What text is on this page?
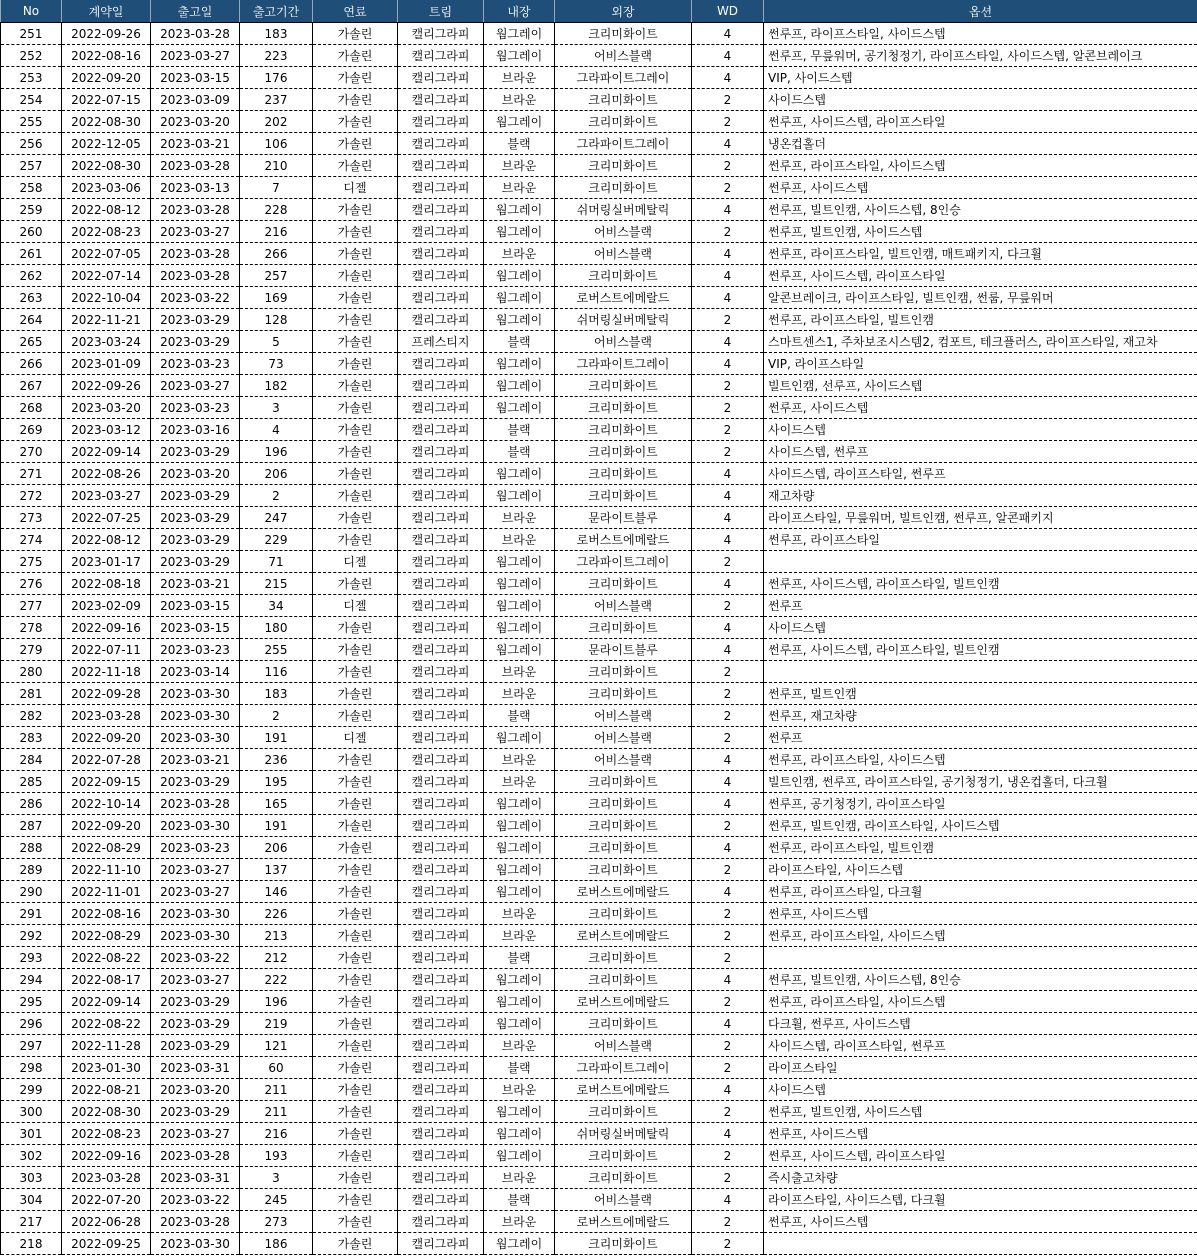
No	계약일	출고일	출고기간	연료	트림	내장	외장	WD	옵션
251	2022-09-26	2023-03-28	183	가솔린	캘리그라피	웜그레이	크리미화이트	4	썬루프, 라이프스타일, 사이드스텝
252	2022-08-16	2023-03-27	223	가솔린	캘리그라피	웜그레이	어비스블랙	4	썬루프, 무릎워머, 공기청정기, 라이프스타일, 사이드스텝, 알콘브레이크
253	2022-09-20	2023-03-15	176	가솔린	캘리그라피	브라운	그라파이트그레이	4	VIP, 사이드스텝
254	2022-07-15	2023-03-09	237	가솔린	캘리그라피	브라운	크리미화이트	2	사이드스텝
255	2022-08-30	2023-03-20	202	가솔린	캘리그라피	웜그레이	크리미화이트	2	썬루프, 사이드스텝, 라이프스타일
256	2022-12-05	2023-03-21	106	가솔린	캘리그라피	블랙	그라파이트그레이	4	냉온컵홀더
257	2022-08-30	2023-03-28	210	가솔린	캘리그라피	브라운	크리미화이트	2	썬루프, 라이프스타일, 사이드스텝
258	2023-03-06	2023-03-13	7	디젤	캘리그라피	브라운	크리미화이트	2	썬루프, 사이드스텝
259	2022-08-12	2023-03-28	228	가솔린	캘리그라피	웜그레이	쉬머링실버메탈릭	4	썬루프, 빌트인캠, 사이드스텝, 8인승
260	2022-08-23	2023-03-27	216	가솔린	캘리그라피	웜그레이	어비스블랙	2	썬루프, 빌트인캠, 사이드스텝
261	2022-07-05	2023-03-28	266	가솔린	캘리그라피	브라운	어비스블랙	4	썬루프, 라이프스타일, 빌트인캠, 매트패키지, 다크휠
262	2022-07-14	2023-03-28	257	가솔린	캘리그라피	웜그레이	크리미화이트	4	썬루프, 사이드스텝, 라이프스타일
263	2022-10-04	2023-03-22	169	가솔린	캘리그라피	웜그레이	로버스트에메랄드	4	알콘브레이크, 라이프스타일, 빌트인캠, 썬룹, 무릎워머
264	2022-11-21	2023-03-29	128	가솔린	캘리그라피	웜그레이	쉬머링실버메탈릭	2	썬루프, 라이프스타일, 빌트인캠
265	2023-03-24	2023-03-29	5	가솔린	프레스티지	블랙	어비스블랙	4	스마트센스1, 주차보조시스템2, 컴포트, 테크플러스, 라이프스타일, 재고차
266	2023-01-09	2023-03-23	73	가솔린	캘리그라피	웜그레이	그라파이트그레이	4	VIP, 라이프스타일
267	2022-09-26	2023-03-27	182	가솔린	캘리그라피	웜그레이	크리미화이트	2	빌트인캠, 선루프, 사이드스텝
268	2023-03-20	2023-03-23	3	가솔린	캘리그라피	웜그레이	크리미화이트	2	썬루프, 사이드스텝
269	2023-03-12	2023-03-16	4	가솔린	캘리그라피	블랙	크리미화이트	2	사이드스텝
270	2022-09-14	2023-03-29	196	가솔린	캘리그라피	블랙	크리미화이트	2	사이드스텝, 썬루프
271	2022-08-26	2023-03-20	206	가솔린	캘리그라피	웜그레이	크리미화이트	4	사이드스텝, 라이프스타일, 썬루프
272	2023-03-27	2023-03-29	2	가솔린	캘리그라피	웜그레이	크리미화이트	4	재고차량
273	2022-07-25	2023-03-29	247	가솔린	캘리그라피	브라운	문라이트블루	4	라이프스타일, 무릎워머, 빌트인캠, 썬루프, 알콘패키지
274	2022-08-12	2023-03-29	229	가솔린	캘리그라피	브라운	로버스트에메랄드	4	썬루프, 라이프스타일
275	2023-01-17	2023-03-29	71	디젤	캘리그라피	웜그레이	그라파이트그레이	2	
276	2022-08-18	2023-03-21	215	가솔린	캘리그라피	웜그레이	크리미화이트	4	썬루프, 사이드스텝, 라이프스타일, 빌트인캠
277	2023-02-09	2023-03-15	34	디젤	캘리그라피	웜그레이	어비스블랙	2	썬루프
278	2022-09-16	2023-03-15	180	가솔린	캘리그라피	웜그레이	크리미화이트	4	사이드스텝
279	2022-07-11	2023-03-23	255	가솔린	캘리그라피	웜그레이	문라이트블루	4	썬루프, 사이드스텝, 라이프스타일, 빌트인캠
280	2022-11-18	2023-03-14	116	가솔린	캘리그라피	브라운	크리미화이트	2	
281	2022-09-28	2023-03-30	183	가솔린	캘리그라피	브라운	크리미화이트	2	썬루프, 빌트인캠
282	2023-03-28	2023-03-30	2	가솔린	캘리그라피	블랙	어비스블랙	2	썬루프, 재고차량
283	2022-09-20	2023-03-30	191	디젤	캘리그라피	웜그레이	어비스블랙	2	썬루프
284	2022-07-28	2023-03-21	236	가솔린	캘리그라피	브라운	어비스블랙	4	썬루프, 라이프스타일, 사이드스텝
285	2022-09-15	2023-03-29	195	가솔린	캘리그라피	브라운	크리미화이트	4	빌트인캠, 썬루프, 라이프스타일, 공기청정기, 냉온컵홀더, 다크휠
286	2022-10-14	2023-03-28	165	가솔린	캘리그라피	웜그레이	크리미화이트	4	썬루프, 공기청정기, 라이프스타일
287	2022-09-20	2023-03-30	191	가솔린	캘리그라피	웜그레이	크리미화이트	2	썬루프, 빌트인캠, 라이프스타일, 사이드스텝
288	2022-08-29	2023-03-23	206	가솔린	캘리그라피	웜그레이	크리미화이트	4	썬루프, 라이프스타일, 빌트인캠
289	2022-11-10	2023-03-27	137	가솔린	캘리그라피	웜그레이	크리미화이트	2	라이프스타일, 사이드스텝
290	2022-11-01	2023-03-27	146	가솔린	캘리그라피	웜그레이	로버스트에메랄드	4	썬루프, 라이프스타일, 다크휠
291	2022-08-16	2023-03-30	226	가솔린	캘리그라피	브라운	크리미화이트	2	썬루프, 사이드스텝
292	2022-08-29	2023-03-30	213	가솔린	캘리그라피	브라운	로버스트에메랄드	2	썬루프, 라이프스타일, 사이드스텝
293	2022-08-22	2023-03-22	212	가솔린	캘리그라피	블랙	크리미화이트	2	
294	2022-08-17	2023-03-27	222	가솔린	캘리그라피	웜그레이	크리미화이트	4	썬루프, 빌트인캠, 사이드스텝, 8인승
295	2022-09-14	2023-03-29	196	가솔린	캘리그라피	웜그레이	로버스트에메랄드	2	썬루프, 라이프스타일, 사이드스텝
296	2022-08-22	2023-03-29	219	가솔린	캘리그라피	웜그레이	크리미화이트	4	다크휠, 썬루프, 사이드스텝
297	2022-11-28	2023-03-29	121	가솔린	캘리그라피	브라운	어비스블랙	2	사이드스텝, 라이프스타일, 썬루프
298	2023-01-30	2023-03-31	60	가솔린	캘리그라피	블랙	그라파이트그레이	2	라이프스타일
299	2022-08-21	2023-03-20	211	가솔린	캘리그라피	브라운	로버스트에메랄드	4	사이드스텝
300	2022-08-30	2023-03-29	211	가솔린	캘리그라피	웜그레이	크리미화이트	2	썬루프, 빌트인캠, 사이드스텝
301	2022-08-23	2023-03-27	216	가솔린	캘리그라피	웜그레이	쉬머링실버메탈릭	4	썬루프, 사이드스텝
302	2022-09-16	2023-03-28	193	가솔린	캘리그라피	웜그레이	크리미화이트	2	썬루프, 사이드스텝, 라이프스타일
303	2023-03-28	2023-03-31	3	가솔린	캘리그라피	브라운	크리미화이트	2	즉시출고차량
304	2022-07-20	2023-03-22	245	가솔린	캘리그라피	블랙	어비스블랙	4	라이프스타일, 사이드스텝, 다크휠
217	2022-06-28	2023-03-28	273	가솔린	캘리그라피	브라운	로버스트에메랄드	2	썬루프, 사이드스텝
218	2022-09-25	2023-03-30	186	가솔린	캘리그라피	웜그레이	크리미화이트	2	
